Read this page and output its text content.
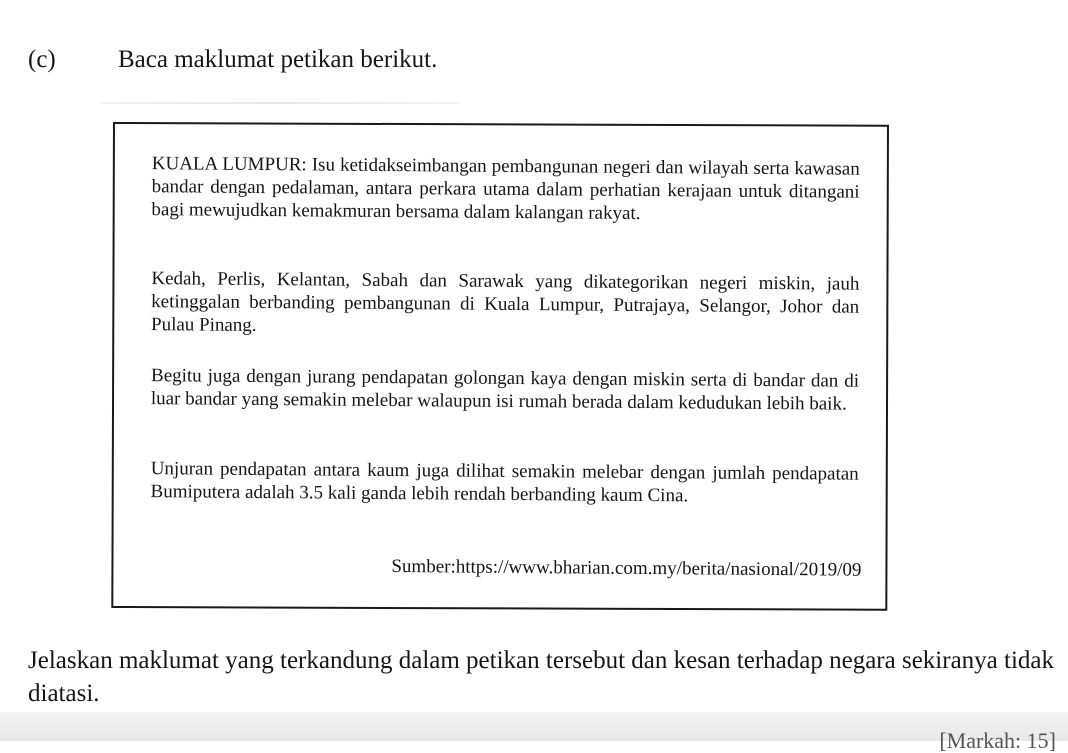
(c) Baca maklumat petikan berikut.

KUALA LUMPUR: Isu ketidakseimbangan pembangunan negeri dan wilayah serta kawasan bandar dengan pedalaman, antara perkara utama dalam perhatian kerajaan untuk ditangani bagi mewujudkan kemakmuran bersama dalam kalangan rakyat.

Kedah, Perlis, Kelantan, Sabah dan Sarawak yang dikategorikan negeri miskin, jauh ketinggalan berbanding pembangunan di Kuala Lumpur, Putrajaya, Selangor, Johor dan Pulau Pinang.

Begitu juga dengan jurang pendapatan golongan kaya dengan miskin serta di bandar dan di luar bandar yang semakin melebar walaupun isi rumah berada dalam kedudukan lebih baik.

Unjuran pendapatan antara kaum juga dilihat semakin melebar dengan jumlah pendapatan Bumiputera adalah 3.5 kali ganda lebih rendah berbanding kaum Cina.

Sumber:https://www.bharian.com.my/berita/nasional/2019/09

Jelaskan maklumat yang terkandung dalam petikan tersebut dan kesan terhadap negara sekiranya tidak diatasi.

[Markah: 15]
